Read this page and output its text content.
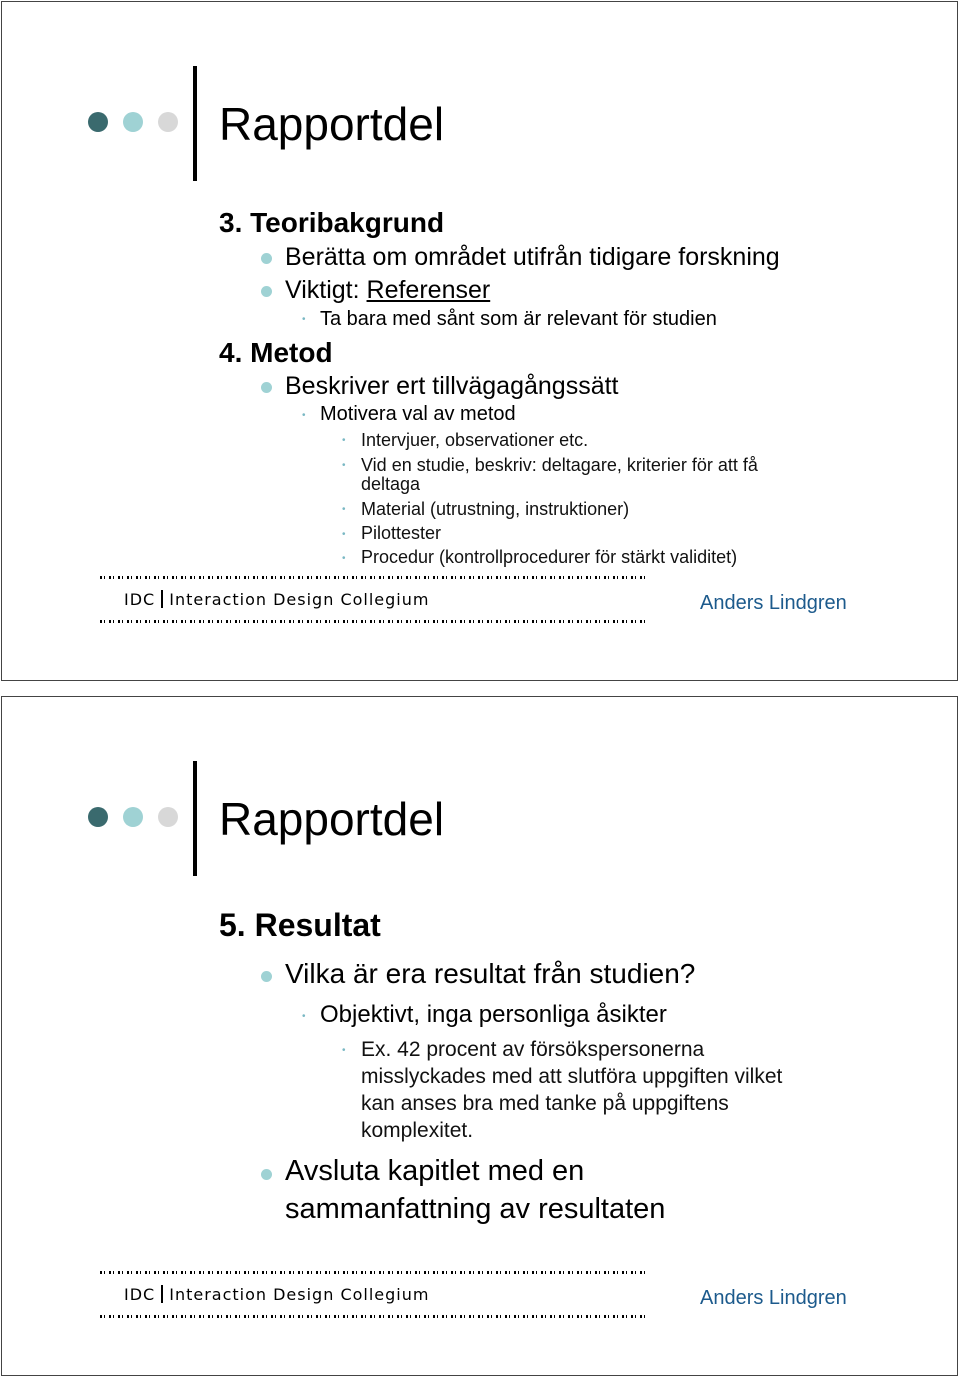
Rapportdel
3. Teoribakgrund
Berätta om området utifrån tidigare forskning
Viktigt: Referenser
• Ta bara med sånt som är relevant för studien
4. Metod
Beskriver ert tillvägagångssätt
• Motivera val av metod
• Intervjuer, observationer etc.
• Vid en studie, beskriv: deltagare, kriterier för att få
deltaga
• Material (utrustning, instruktioner)
• Pilottester
• Procedur (kontrollprocedurer för stärkt validitet)
IDC Interaction Design Collegium	Anders Lindgren
Rapportdel
5. Resultat
Vilka är era resultat från studien?
• Objektivt, inga personliga åsikter
• Ex. 42 procent av försökspersonerna
misslyckades med att slutföra uppgiften vilket
kan anses bra med tanke på uppgiftens
komplexitet.
Avsluta kapitlet med en
sammanfattning av resultaten
IDC Interaction Design Collegium	Anders Lindgren
